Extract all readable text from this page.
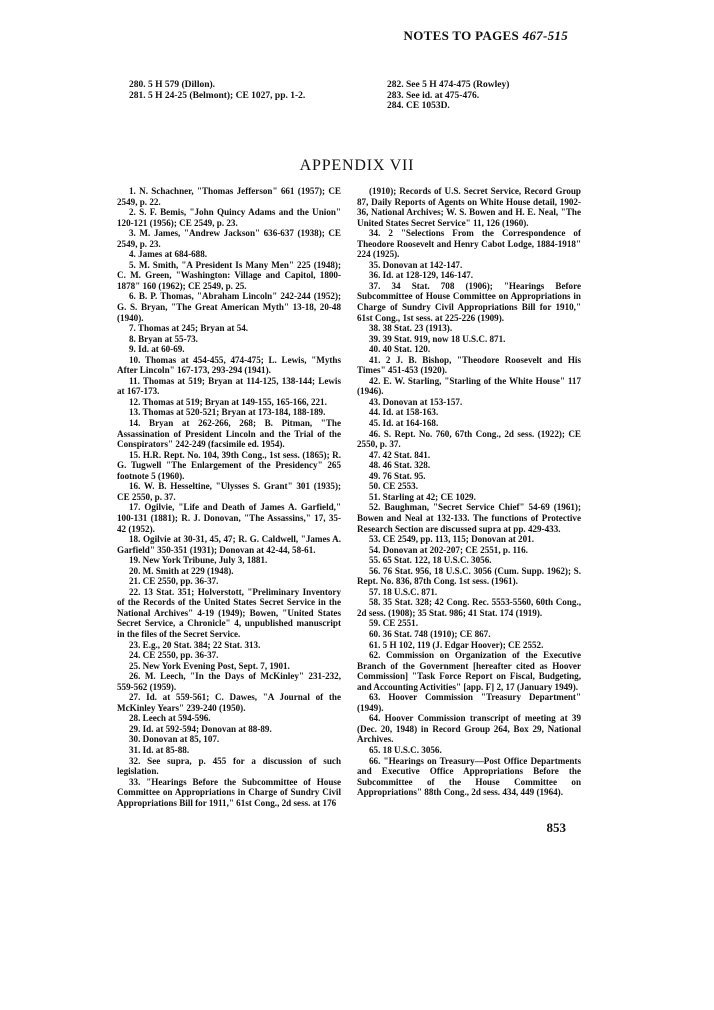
NOTES TO PAGES 467-515

280. 5 H 579 (Dillon).

281. 5 H 24-25 (Belmont); CE 1027, pp. 1-2.

282. See 5 H 474-475 (Rowley)

283. See id. at 475-476.

284. CE 1053D.

APPENDIX VII

1. N. Schachner, "Thomas Jefferson" 661 (1957); CE 2549, p. 22.

2. S. F. Bemis, "John Quincy Adams and the Union" 120-121 (1956); CE 2549, p. 23.

3. M. James, "Andrew Jackson" 636-637 (1938); CE 2549, p. 23.

4. James at 684-688.

5. M. Smith, "A President Is Many Men" 225 (1948); C. M. Green, "Washington: Village and Capitol, 1800-1878" 160 (1962); CE 2549, p. 25.

6. B. P. Thomas, "Abraham Lincoln" 242-244 (1952); G. S. Bryan, "The Great American Myth" 13-18, 20-48 (1940).

7. Thomas at 245; Bryan at 54.

8. Bryan at 55-73.

9. Id. at 60-69.

10. Thomas at 454-455, 474-475; L. Lewis, "Myths After Lincoln" 167-173, 293-294 (1941).

11. Thomas at 519; Bryan at 114-125, 138-144; Lewis at 167-173.

12. Thomas at 519; Bryan at 149-155, 165-166, 221.

13. Thomas at 520-521; Bryan at 173-184, 188-189.

14. Bryan at 262-266, 268; B. Pitman, "The Assassination of President Lincoln and the Trial of the Conspirators" 242-249 (facsimile ed. 1954).

15. H.R. Rept. No. 104, 39th Cong., 1st sess. (1865); R. G. Tugwell "The Enlargement of the Presidency" 265 footnote 5 (1960).

16. W. B. Hesseltine, "Ulysses S. Grant" 301 (1935); CE 2550, p. 37.

17. Ogilvie, "Life and Death of James A. Garfield," 100-131 (1881); R. J. Donovan, "The Assassins," 17, 35-42 (1952).

18. Ogilvie at 30-31, 45, 47; R. G. Caldwell, "James A. Garfield" 350-351 (1931); Donovan at 42-44, 58-61.

19. New York Tribune, July 3, 1881.

20. M. Smith at 229 (1948).

21. CE 2550, pp. 36-37.

22. 13 Stat. 351; Holverstott, "Preliminary Inventory of the Records of the United States Secret Service in the National Archives" 4-19 (1949); Bowen, "United States Secret Service, a Chronicle" 4, unpublished manuscript in the files of the Secret Service.

23. E.g., 20 Stat. 384; 22 Stat. 313.

24. CE 2550, pp. 36-37.

25. New York Evening Post, Sept. 7, 1901.

26. M. Leech, "In the Days of McKinley" 231-232, 559-562 (1959).

27. Id. at 559-561; C. Dawes, "A Journal of the McKinley Years" 239-240 (1950).

28. Leech at 594-596.

29. Id. at 592-594; Donovan at 88-89.

30. Donovan at 85, 107.

31. Id. at 85-88.

32. See supra, p. 455 for a discussion of such legislation.

33. "Hearings Before the Subcommittee of House Committee on Appropriations in Charge of Sundry Civil Appropriations Bill for 1911," 61st Cong., 2d sess. at 176

(1910); Records of U.S. Secret Service, Record Group 87, Daily Reports of Agents on White House detail, 1902-36, National Archives; W. S. Bowen and H. E. Neal, "The United States Secret Service" 11, 126 (1960).

34. 2 "Selections From the Correspondence of Theodore Roosevelt and Henry Cabot Lodge, 1884-1918" 224 (1925).

35. Donovan at 142-147.

36. Id. at 128-129, 146-147.

37. 34 Stat. 708 (1906); "Hearings Before Subcommittee of House Committee on Appropriations in Charge of Sundry Civil Appropriations Bill for 1910," 61st Cong., 1st sess. at 225-226 (1909).

38. 38 Stat. 23 (1913).

39. 39 Stat. 919, now 18 U.S.C. 871.

40. 40 Stat. 120.

41. 2 J. B. Bishop, "Theodore Roosevelt and His Times" 451-453 (1920).

42. E. W. Starling, "Starling of the White House" 117 (1946).

43. Donovan at 153-157.

44. Id. at 158-163.

45. Id. at 164-168.

46. S. Rept. No. 760, 67th Cong., 2d sess. (1922); CE 2550, p. 37.

47. 42 Stat. 841.

48. 46 Stat. 328.

49. 76 Stat. 95.

50. CE 2553.

51. Starling at 42; CE 1029.

52. Baughman, "Secret Service Chief" 54-69 (1961); Bowen and Neal at 132-133. The functions of Protective Research Section are discussed supra at pp. 429-433.

53. CE 2549, pp. 113, 115; Donovan at 201.

54. Donovan at 202-207; CE 2551, p. 116.

55. 65 Stat. 122, 18 U.S.C. 3056.

56. 76 Stat. 956, 18 U.S.C. 3056 (Cum. Supp. 1962); S. Rept. No. 836, 87th Cong. 1st sess. (1961).

57. 18 U.S.C. 871.

58. 35 Stat. 328; 42 Cong. Rec. 5553-5560, 60th Cong., 2d sess. (1908); 35 Stat. 986; 41 Stat. 174 (1919).

59. CE 2551.

60. 36 Stat. 748 (1910); CE 867.

61. 5 H 102, 119 (J. Edgar Hoover); CE 2552.

62. Commission on Organization of the Executive Branch of the Government [hereafter cited as Hoover Commission] "Task Force Report on Fiscal, Budgeting, and Accounting Activities" [app. F] 2, 17 (January 1949).

63. Hoover Commission "Treasury Department" (1949).

64. Hoover Commission transcript of meeting at 39 (Dec. 20, 1948) in Record Group 264, Box 29, National Archives.

65. 18 U.S.C. 3056.

66. "Hearings on Treasury—Post Office Departments and Executive Office Appropriations Before the Subcommittee of the House Committee on Appropriations" 88th Cong., 2d sess. 434, 449 (1964).

853
